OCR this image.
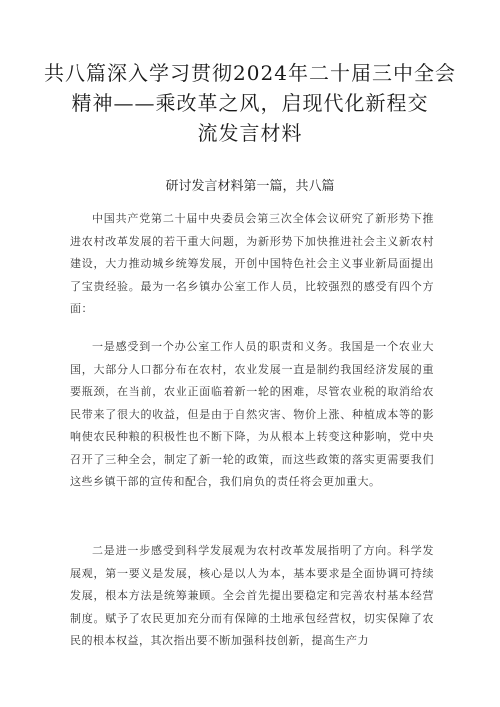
共八篇深入学习贯彻2024年二十届三中全会
精神——乘改革之风，启现代化新程交
流发言材料
研讨发言材料第一篇，共八篇

中国共产党第二十届中央委员会第三次全体会议研究了新形势下推进农村改革发展的若干重大问题，为新形势下加快推进社会主义新农村建设，大力推动城乡统筹发展，开创中国特色社会主义事业新局面提出了宝贵经验。最为一名乡镇办公室工作人员，比较强烈的感受有四个方面：

一是感受到一个办公室工作人员的职责和义务。我国是一个农业大国，大部分人口都分布在农村，农业发展一直是制约我国经济发展的重要瓶颈，在当前，农业正面临着新一轮的困难，尽管农业税的取消给农民带来了很大的收益，但是由于自然灾害、物价上涨、种植成本等的影响使农民种粮的积极性也不断下降，为从根本上转变这种影响，党中央召开了三种全会，制定了新一轮的政策，而这些政策的落实更需要我们这些乡镇干部的宣传和配合，我们肩负的责任将会更加重大。

二是进一步感受到科学发展观为农村改革发展指明了方向。科学发展观，第一要义是发展，核心是以人为本，基本要求是全面协调可持续发展，根本方法是统筹兼顾。全会首先提出要稳定和完善农村基本经营制度。赋予了农民更加充分而有保障的土地承包经营权，切实保障了农民的根本权益，其次指出要不断加强科技创新，提高生产力
